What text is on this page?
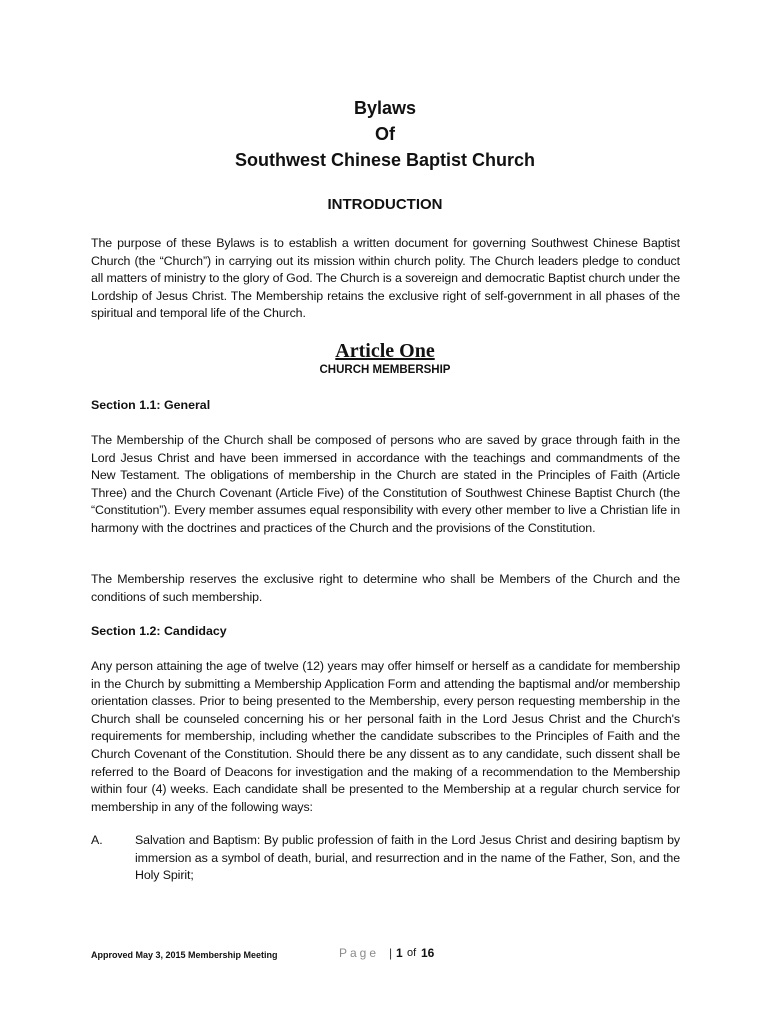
Bylaws
Of
Southwest Chinese Baptist Church
INTRODUCTION

The purpose of these Bylaws is to establish a written document for governing Southwest Chinese Baptist Church (the “Church”) in carrying out its mission within church polity. The Church leaders pledge to conduct all matters of ministry to the glory of God. The Church is a sovereign and democratic Baptist church under the Lordship of Jesus Christ. The Membership retains the exclusive right of self-government in all phases of the spiritual and temporal life of the Church.

Article One
CHURCH MEMBERSHIP
Section 1.1: General

The Membership of the Church shall be composed of persons who are saved by grace through faith in the Lord Jesus Christ and have been immersed in accordance with the teachings and commandments of the New Testament. The obligations of membership in the Church are stated in the Principles of Faith (Article Three) and the Church Covenant (Article Five) of the Constitution of Southwest Chinese Baptist Church (the “Constitution”). Every member assumes equal responsibility with every other member to live a Christian life in harmony with the doctrines and practices of the Church and the provisions of the Constitution.

The Membership reserves the exclusive right to determine who shall be Members of the Church and the conditions of such membership.

Section 1.2: Candidacy

Any person attaining the age of twelve (12) years may offer himself or herself as a candidate for membership in the Church by submitting a Membership Application Form and attending the baptismal and/or membership orientation classes. Prior to being presented to the Membership, every person requesting membership in the Church shall be counseled concerning his or her personal faith in the Lord Jesus Christ and the Church's requirements for membership, including whether the candidate subscribes to the Principles of Faith and the Church Covenant of the Constitution. Should there be any dissent as to any candidate, such dissent shall be referred to the Board of Deacons for investigation and the making of a recommendation to the Membership within four (4) weeks. Each candidate shall be presented to the Membership at a regular church service for membership in any of the following ways:

A.	Salvation and Baptism: By public profession of faith in the Lord Jesus Christ and desiring baptism by immersion as a symbol of death, burial, and resurrection and in the name of the Father, Son, and the Holy Spirit;

Approved May 3, 2015 Membership Meeting	Page | 1 of 16
